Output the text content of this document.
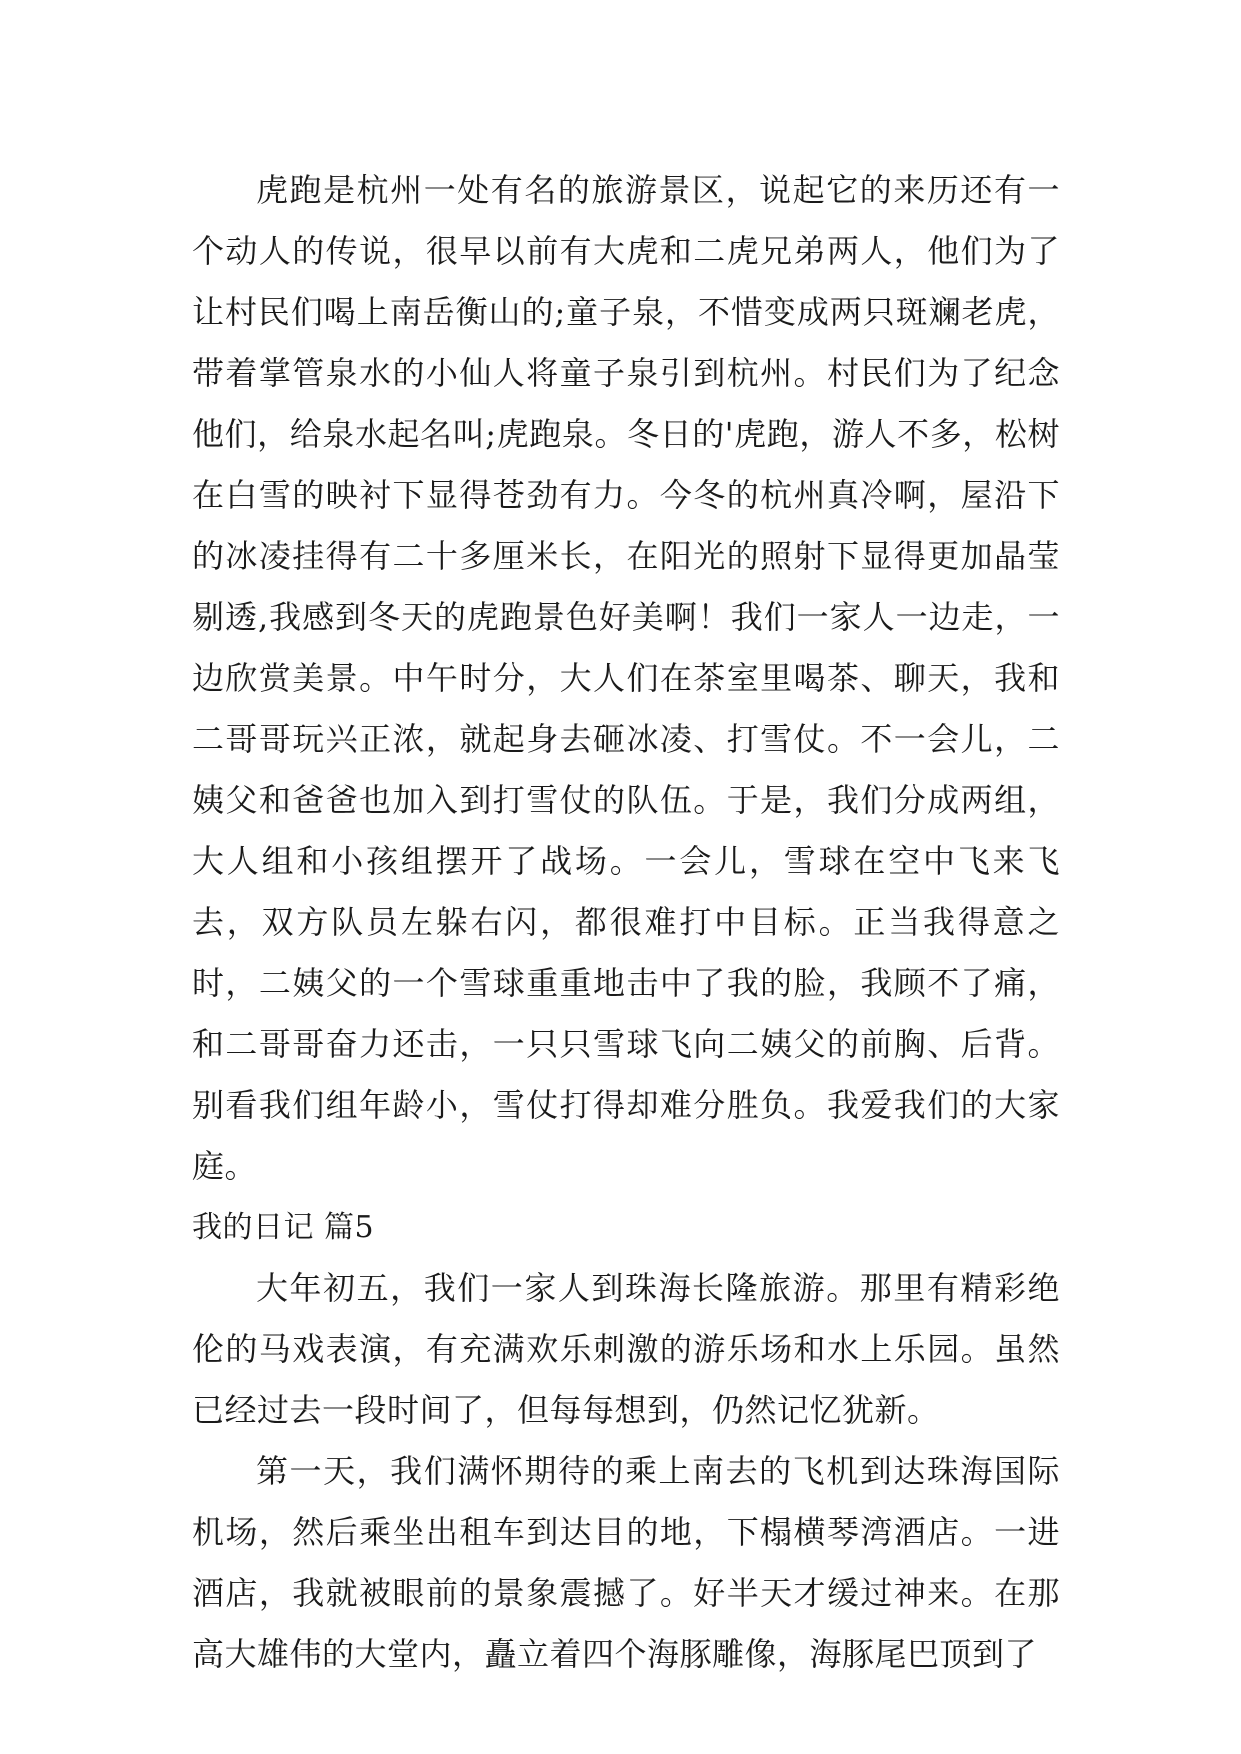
虎跑是杭州一处有名的旅游景区，说起它的来历还有一个动人的传说，很早以前有大虎和二虎兄弟两人，他们为了让村民们喝上南岳衡山的;童子泉，不惜变成两只斑斓老虎，带着掌管泉水的小仙人将童子泉引到杭州。村民们为了纪念他们，给泉水起名叫;虎跑泉。冬日的'虎跑，游人不多，松树在白雪的映衬下显得苍劲有力。今冬的杭州真冷啊，屋沿下的冰凌挂得有二十多厘米长，在阳光的照射下显得更加晶莹剔透,我感到冬天的虎跑景色好美啊！我们一家人一边走，一边欣赏美景。中午时分，大人们在茶室里喝茶、聊天，我和二哥哥玩兴正浓，就起身去砸冰凌、打雪仗。不一会儿，二姨父和爸爸也加入到打雪仗的队伍。于是，我们分成两组，大人组和小孩组摆开了战场。一会儿，雪球在空中飞来飞去，双方队员左躲右闪，都很难打中目标。正当我得意之时，二姨父的一个雪球重重地击中了我的脸，我顾不了痛，和二哥哥奋力还击，一只只雪球飞向二姨父的前胸、后背。别看我们组年龄小，雪仗打得却难分胜负。我爱我们的大家庭。

我的日记 篇5

大年初五，我们一家人到珠海长隆旅游。那里有精彩绝伦的马戏表演，有充满欢乐刺激的游乐场和水上乐园。虽然已经过去一段时间了，但每每想到，仍然记忆犹新。

第一天，我们满怀期待的乘上南去的飞机到达珠海国际机场，然后乘坐出租车到达目的地，下榻横琴湾酒店。一进酒店，我就被眼前的景象震撼了。好半天才缓过神来。在那高大雄伟的大堂内，矗立着四个海豚雕像，海豚尾巴顶到了
